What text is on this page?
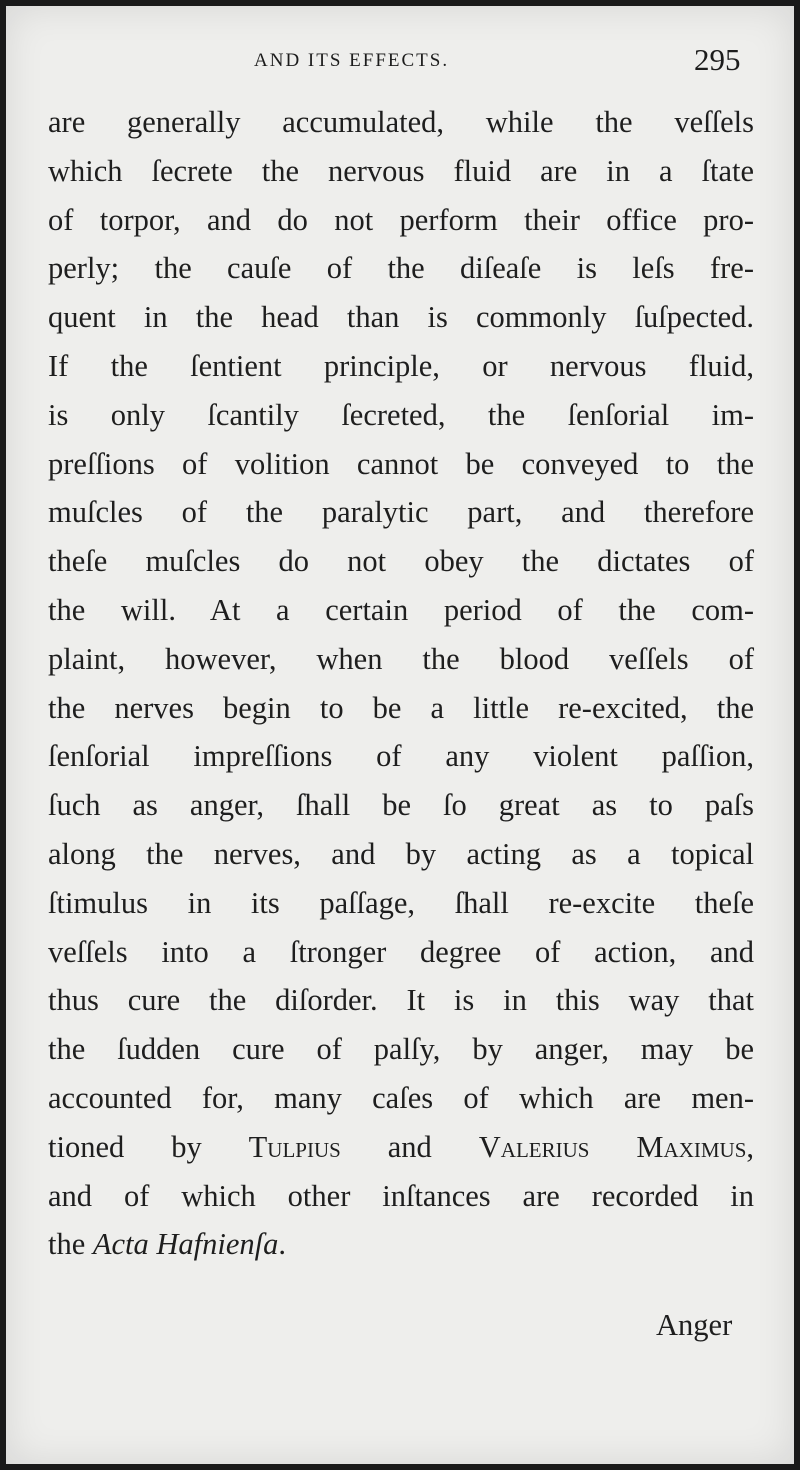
AND ITS EFFECTS.	295
are generally accumulated, while the veſſels
which ſecrete the nervous fluid are in a ſtate
of torpor, and do not perform their office pro-
perly; the cauſe of the diſeaſe is leſs fre-
quent in the head than is commonly ſuſpected.
If the ſentient principle, or nervous fluid,
is only ſcantily ſecreted, the ſenſorial im-
preſſions of volition cannot be conveyed to the
muſcles of the paralytic part, and therefore
theſe muſcles do not obey the dictates of
the will. At a certain period of the com-
plaint, however, when the blood veſſels of
the nerves begin to be a little re-excited, the
ſenſorial impreſſions of any violent paſſion,
ſuch as anger, ſhall be ſo great as to paſs
along the nerves, and by acting as a topical
ſtimulus in its paſſage, ſhall re-excite theſe
veſſels into a ſtronger degree of action, and
thus cure the diſorder. It is in this way that
the ſudden cure of palſy, by anger, may be
accounted for, many caſes of which are men-
tioned by Tulpius and Valerius Maximus,
and of which other inſtances are recorded in
the Acta Hafnienſa.
Anger
